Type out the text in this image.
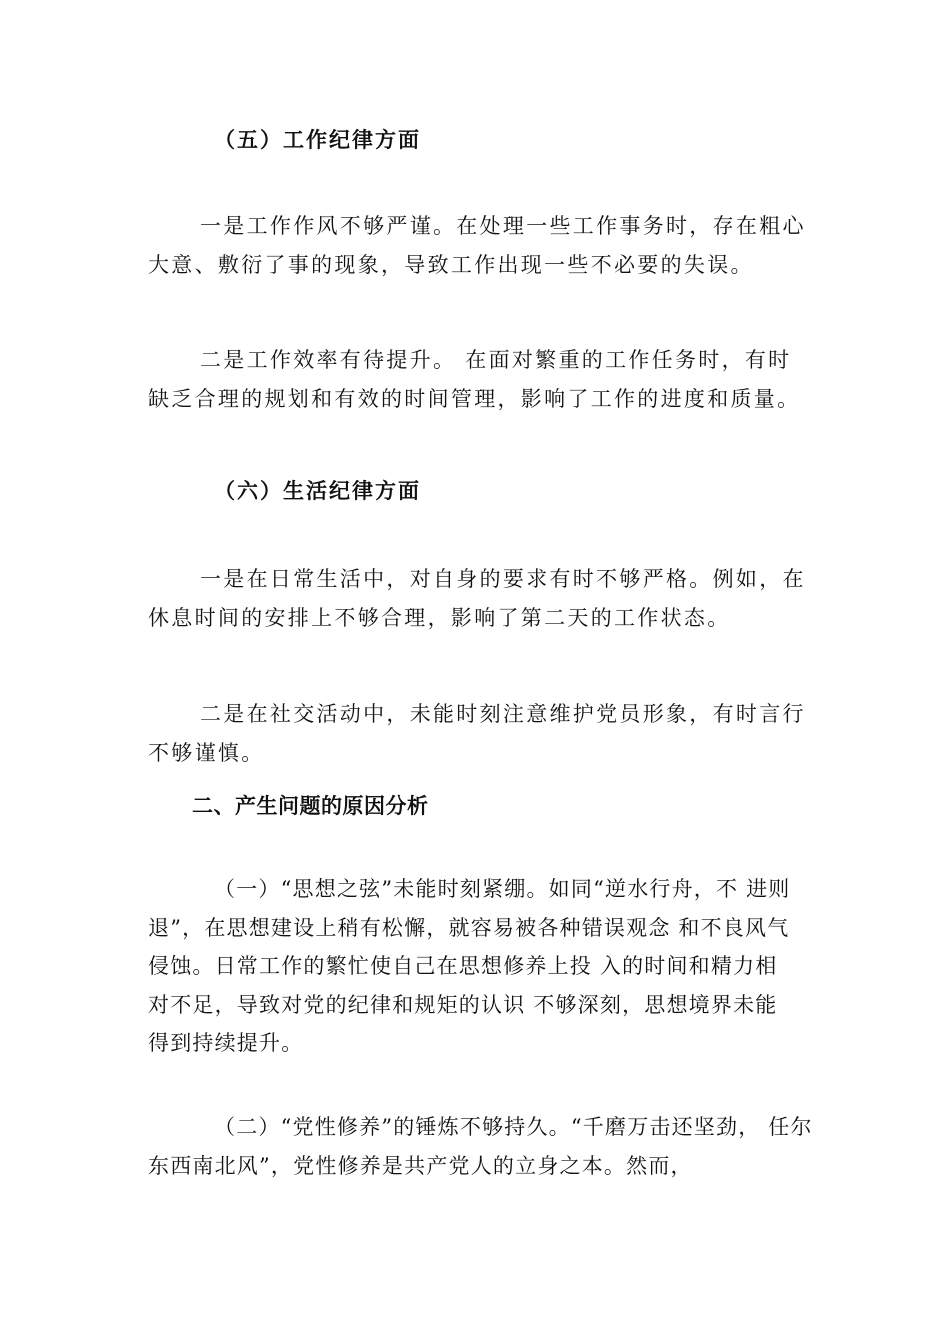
（五）工作纪律方面

一是工作作风不够严谨。在处理一些工作事务时，存在粗心大意、敷衍了事的现象，导致工作出现一些不必要的失误。

二是工作效率有待提升。 在面对繁重的工作任务时，有时缺乏合理的规划和有效的时间管理，影响了工作的进度和质量。

（六）生活纪律方面

一是在日常生活中，对自身的要求有时不够严格。例如，在休息时间的安排上不够合理，影响了第二天的工作状态。

二是在社交活动中，未能时刻注意维护党员形象，有时言行不够谨慎。

二、产生问题的原因分析

（一）“思想之弦”未能时刻紧绷。如同“逆水行舟，不 进则退”，在思想建设上稍有松懈，就容易被各种错误观念 和不良风气侵蚀。日常工作的繁忙使自己在思想修养上投 入的时间和精力相对不足，导致对党的纪律和规矩的认识 不够深刻，思想境界未能得到持续提升。

（二）“党性修养”的锤炼不够持久。“千磨万击还坚劲， 任尔东西南北风”，党性修养是共产党人的立身之本。然而，
